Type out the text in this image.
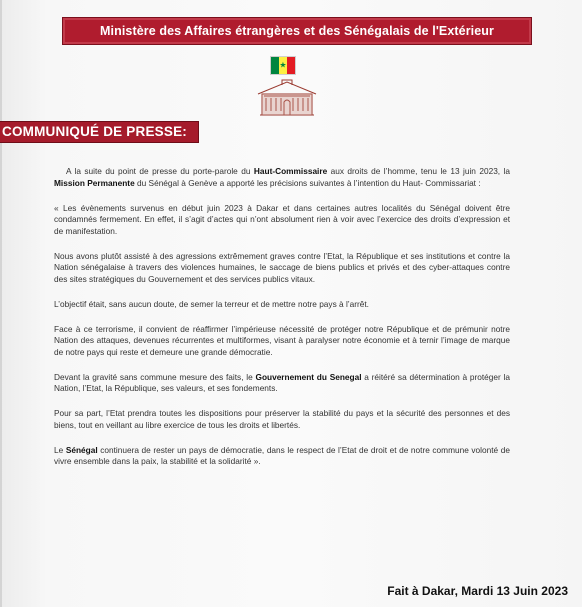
Ministère des Affaires étrangères et des Sénégalais de l'Extérieur
★
COMMUNIQUÉ DE PRESSE:

A la suite du point de presse du porte-parole du Haut-Commissaire aux droits de l’homme, tenu le 13 juin 2023, la Mission Permanente du Sénégal à Genève a apporté les précisions suivantes à l’intention du Haut- Commissariat :

« Les évènements survenus en début juin 2023 à Dakar et dans certaines autres localités du Sénégal doivent être condamnés fermement. En effet, il s’agit d’actes qui n’ont absolument rien à voir avec l’exercice des droits d’expression et de manifestation.

Nous avons plutôt assisté à des agressions extrêmement graves contre l’Etat, la République et ses institutions et contre la Nation sénégalaise à travers des violences humaines, le saccage de biens publics et privés et des cyber-attaques contre des sites stratégiques du Gouvernement et des services publics vitaux.

L’objectif était, sans aucun doute, de semer la terreur et de mettre notre pays à l’arrêt.

Face à ce terrorisme, il convient de réaffirmer l’impérieuse nécessité de protéger notre République et de prémunir notre Nation des attaques, devenues récurrentes et multiformes, visant à paralyser notre économie et à ternir l’image de marque de notre pays qui reste et demeure une grande démocratie.

Devant la gravité sans commune mesure des faits, le Gouvernement du Senegal a réitéré sa détermination à protéger la Nation, l’Etat, la République, ses valeurs, et ses fondements.

Pour sa part, l’Etat prendra toutes les dispositions pour préserver la stabilité du pays et la sécurité des personnes et des biens, tout en veillant au libre exercice de tous les droits et libertés.

Le Sénégal continuera de rester un pays de démocratie, dans le respect de l’Etat de droit et de notre commune volonté de vivre ensemble dans la paix, la stabilité et la solidarité ».

Fait à Dakar, Mardi 13 Juin 2023
